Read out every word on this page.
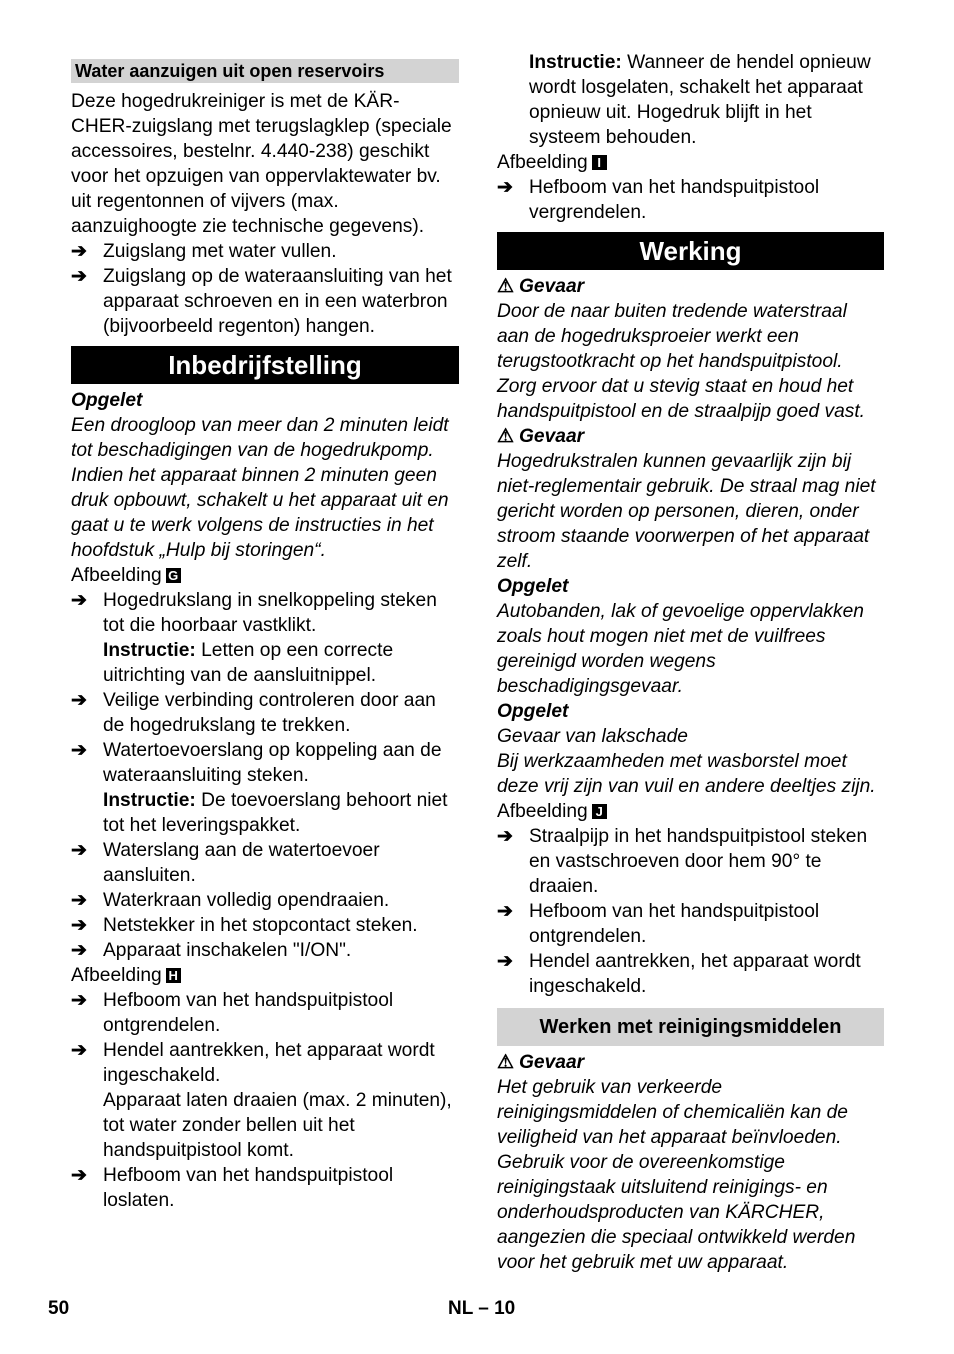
Water aanzuigen uit open reservoirs

Deze hogedrukreiniger is met de KÄR-CHER-zuigslang met terugslagklep (speciale accessoires, bestelnr. 4.440-238) geschikt voor het opzuigen van oppervlaktewater bv. uit regentonnen of vijvers (max. aanzuighoogte zie technische gegevens).

➔ Zuigslang met water vullen.
➔ Zuigslang op de wateraansluiting van het apparaat schroeven en in een waterbron (bijvoorbeeld regenton) hangen.
Inbedrijfstelling

Opgelet

Een droogloop van meer dan 2 minuten leidt tot beschadigingen van de hogedrukpomp. Indien het apparaat binnen 2 minuten geen druk opbouwt, schakelt u het apparaat uit en gaat u te werk volgens de instructies in het hoofdstuk „Hulp bij storingen“.

Afbeelding G

➔ Hogedrukslang in snelkoppeling steken tot die hoorbaar vastklikt.
Instructie: Letten op een correcte uitrichting van de aansluitnippel.
➔ Veilige verbinding controleren door aan de hogedrukslang te trekken.
➔ Watertoevoerslang op koppeling aan de wateraansluiting steken.
Instructie: De toevoerslang behoort niet tot het leveringspakket.
➔ Waterslang aan de watertoevoer aansluiten.
➔ Waterkraan volledig opendraaien.
➔ Netstekker in het stopcontact steken.
➔ Apparaat inschakelen "I/ON".

Afbeelding H

➔ Hefboom van het handspuitpistool ontgrendelen.
➔ Hendel aantrekken, het apparaat wordt ingeschakeld.
Apparaat laten draaien (max. 2 minuten), tot water zonder bellen uit het handspuitpistool komt.
➔ Hefboom van het handspuitpistool loslaten.
Instructie: Wanneer de hendel opnieuw wordt losgelaten, schakelt het apparaat opnieuw uit. Hogedruk blijft in het systeem behouden.

Afbeelding I

➔ Hefboom van het handspuitpistool vergrendelen.
Werking

⚠ Gevaar

Door de naar buiten tredende waterstraal aan de hogedruksproeier werkt een terugstootkracht op het handspuitpistool. Zorg ervoor dat u stevig staat en houd het handspuitpistool en de straalpijp goed vast.

⚠ Gevaar

Hogedrukstralen kunnen gevaarlijk zijn bij niet-reglementair gebruik. De straal mag niet gericht worden op personen, dieren, onder stroom staande voorwerpen of het apparaat zelf.

Opgelet

Autobanden, lak of gevoelige oppervlakken zoals hout mogen niet met de vuilfrees gereinigd worden wegens beschadigingsgevaar.

Opgelet

Gevaar van lakschade

Bij werkzaamheden met wasborstel moet deze vrij zijn van vuil en andere deeltjes zijn.

Afbeelding J

➔ Straalpijp in het handspuitpistool steken en vastschroeven door hem 90° te draaien.
➔ Hefboom van het handspuitpistool ontgrendelen.
➔ Hendel aantrekken, het apparaat wordt ingeschakeld.
Werken met reinigingsmiddelen

⚠ Gevaar

Het gebruik van verkeerde reinigingsmiddelen of chemicaliën kan de veiligheid van het apparaat beïnvloeden.

Gebruik voor de overeenkomstige reinigingstaak uitsluitend reinigings- en onderhoudsproducten van KÄRCHER, aangezien die speciaal ontwikkeld werden voor het gebruik met uw apparaat.

50	NL – 10
